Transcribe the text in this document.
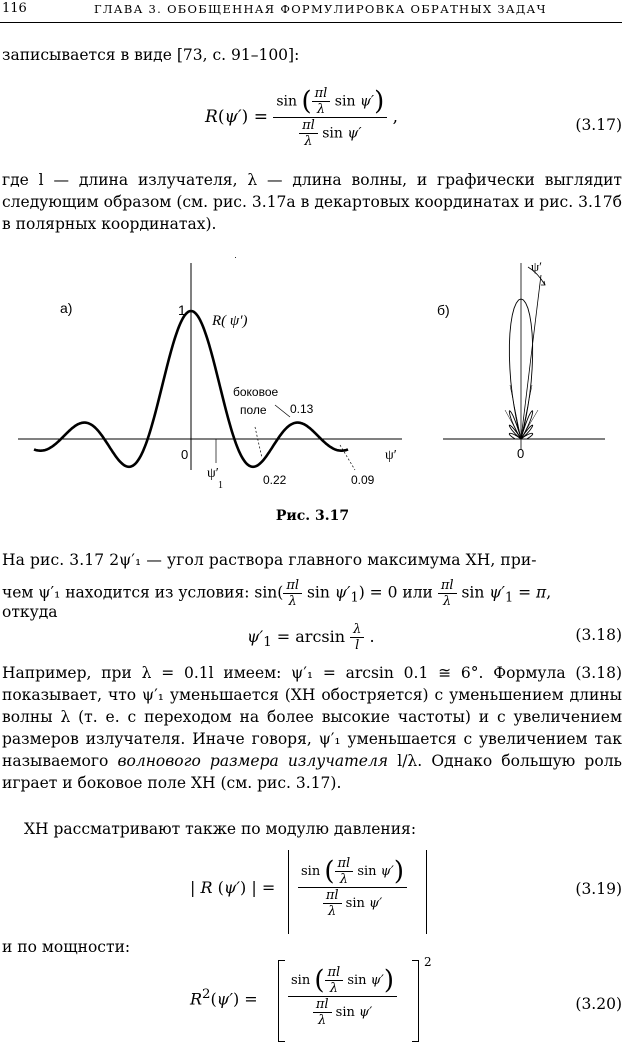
116	ГЛАВА 3. ОБОБЩЕННАЯ ФОРМУЛИРОВКА ОБРАТНЫХ ЗАДАЧ
записывается в виде [73, с. 91–100]:
$R(\psi') = \frac{\sin ( \frac{\pi l}{\lambda} \sin \psi')}{\frac{\pi l}{\lambda} \sin \psi'}$ ,	(3.17)

где l — длина излучателя, λ — длина волны, и графически выглядит следующим образом (см. рис. 3.17а в декартовых координатах и рис. 3.17б в полярных координатах).

·
а)	б)
1
R( ψ′)
боковое
поле 0.13
0.22	0.09
0	0
ψ′
1
ψ′
ψ′
Рис. 3.17
На рис. 3.17 2ψ′₁ — угол раствора главного максимума ХН, при-
чем ψ′₁ находится из условия: $\sin( \frac{\pi l}{\lambda}$ $\sin \psi'_1) = 0$ или $\frac{\pi l}{\lambda}$ $\sin \psi'_1 = \pi$,
откуда
$\psi'_1 = \arcsin \frac{\lambda}{l}$ .	(3.18)

Например, при λ = 0.1l имеем: ψ′₁ = arcsin 0.1 ≅ 6°. Формула (3.18) показывает, что ψ′₁ уменьшается (ХН обостряется) с уменьшением длины волны λ (т. е. с переходом на более высокие частоты) и с увеличением размеров излучателя. Иначе говоря, ψ′₁ уменьшается с увеличением так называемого волнового размера излучателя l/λ. Однако большую роль играет и боковое поле ХН (см. рис. 3.17).

ХН рассматривают также по модулю давления:
| R (ψ′) | =
sin ( $\frac{\pi l}{\lambda}$ sin ψ′)
$\frac{\pi l}{\lambda}$ sin ψ′
(3.19)
и по мощности:
$R^2(\psi')$ =
sin ( $\frac{\pi l}{\lambda}$ sin ψ′)
$\frac{\pi l}{\lambda}$ sin ψ′
2
(3.20)
